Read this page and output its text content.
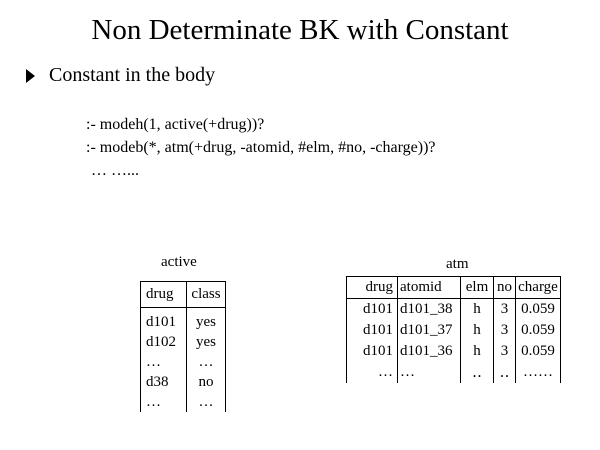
Non Determinate BK with Constant
Constant in the body
:- modeh(1, active(+drug))?
:- modeb(*, atm(+drug, -atomid, #elm, #no, -charge))?
… …...
active
drug	class
d101	yes
d102	yes
…	…
d38	no
…	…
atm
drug	atomid	elm	no	charge
d101	d101_38	h	3	0.059
d101	d101_37	h	3	0.059
d101	d101_36	h	3	0.059
…	…	‥	‥	……
